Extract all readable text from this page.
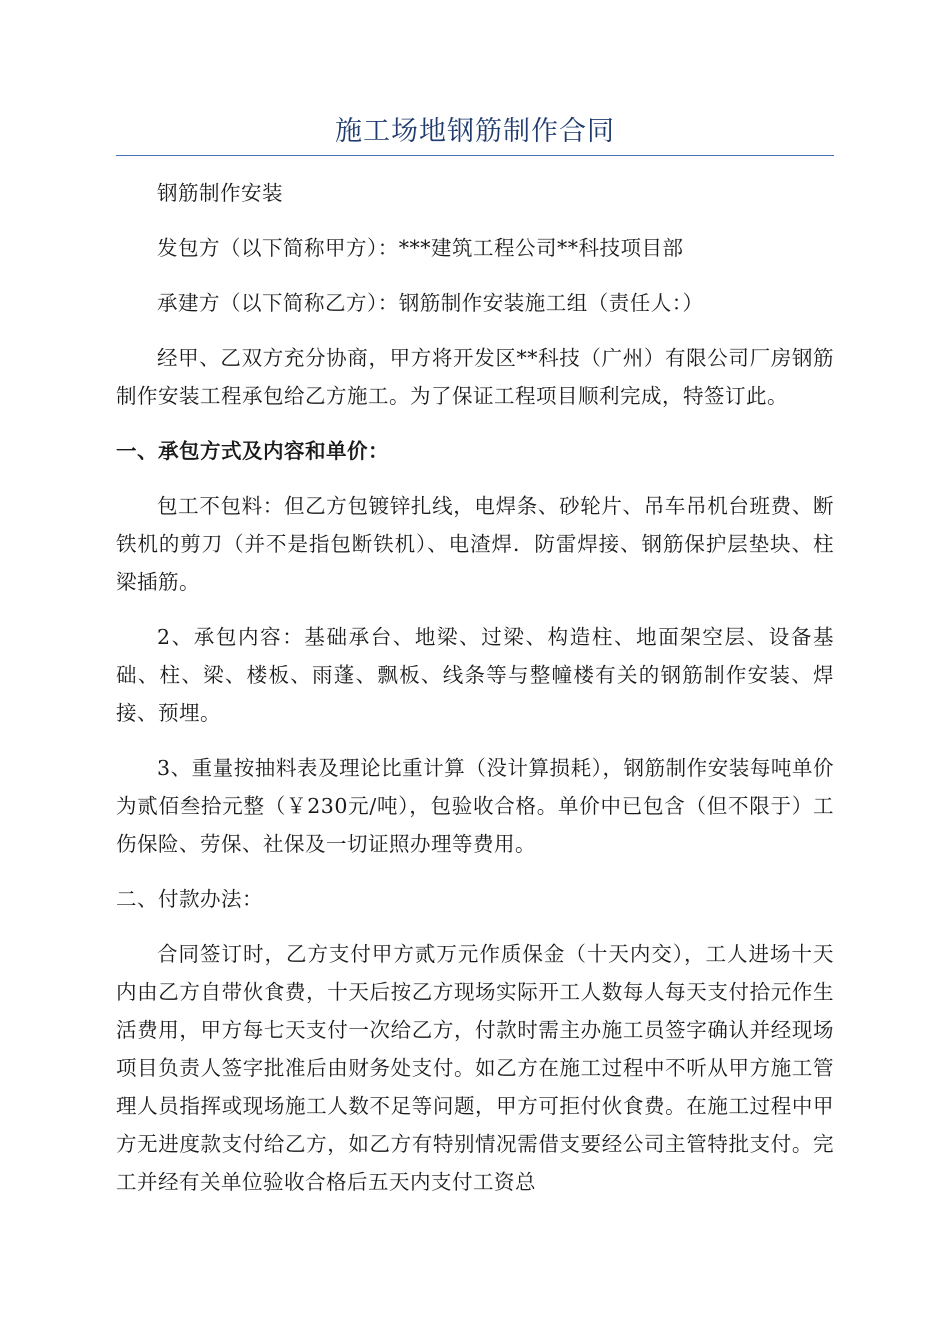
施工场地钢筋制作合同

钢筋制作安装

发包方（以下简称甲方）：***建筑工程公司**科技项目部

承建方（以下简称乙方）：钢筋制作安装施工组（责任人：）

经甲、乙双方充分协商，甲方将开发区**科技（广州）有限公司厂房钢筋制作安装工程承包给乙方施工。为了保证工程项目顺利完成，特签订此。

一、承包方式及内容和单价：

包工不包料：但乙方包镀锌扎线，电焊条、砂轮片、吊车吊机台班费、断铁机的剪刀（并不是指包断铁机）、电渣焊．防雷焊接、钢筋保护层垫块、柱梁插筋。

2、承包内容：基础承台、地梁、过梁、构造柱、地面架空层、设备基础、柱、梁、楼板、雨蓬、飘板、线条等与整幢楼有关的钢筋制作安装、焊接、预埋。

3、重量按抽料表及理论比重计算（没计算损耗），钢筋制作安装每吨单价为贰佰叁拾元整（￥230元/吨），包验收合格。单价中已包含（但不限于）工伤保险、劳保、社保及一切证照办理等费用。

二、付款办法：

合同签订时，乙方支付甲方贰万元作质保金（十天内交），工人进场十天内由乙方自带伙食费，十天后按乙方现场实际开工人数每人每天支付拾元作生活费用，甲方每七天支付一次给乙方，付款时需主办施工员签字确认并经现场项目负责人签字批准后由财务处支付。如乙方在施工过程中不听从甲方施工管理人员指挥或现场施工人数不足等问题，甲方可拒付伙食费。在施工过程中甲方无进度款支付给乙方，如乙方有特别情况需借支要经公司主管特批支付。完工并经有关单位验收合格后五天内支付工资总
